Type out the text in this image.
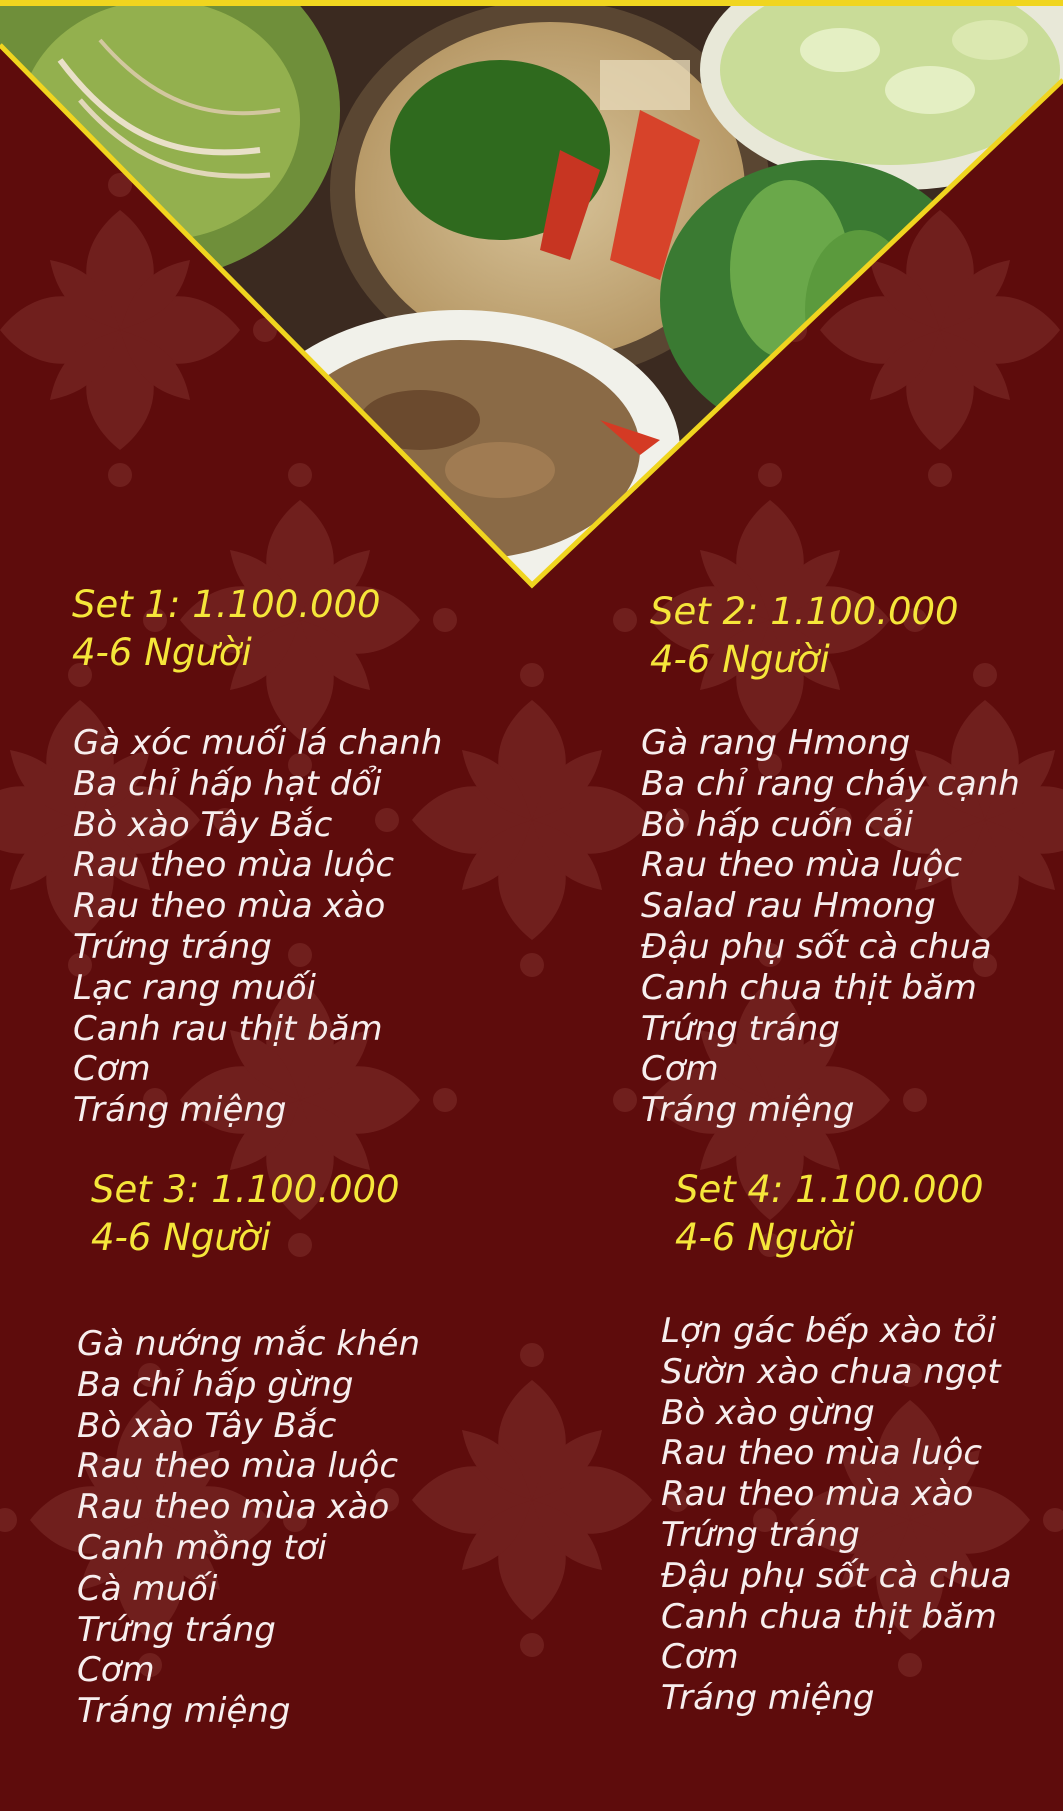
Set 1: 1.100.000
4-6 Người
Gà xóc muối lá chanh
Ba chỉ hấp hạt dổi
Bò xào Tây Bắc
Rau theo mùa luộc
Rau theo mùa xào
Trứng tráng
Lạc rang muối
Canh rau thịt băm
Cơm
Tráng miệng
Set 2: 1.100.000
4-6 Người
Gà rang Hmong
Ba chỉ rang cháy cạnh
Bò hấp cuốn cải
Rau theo mùa luộc
Salad rau Hmong
Đậu phụ sốt cà chua
Canh chua thịt băm
Trứng tráng
Cơm
Tráng miệng
Set 3: 1.100.000
4-6 Người
Gà nướng mắc khén
Ba chỉ hấp gừng
Bò xào Tây Bắc
Rau theo mùa luộc
Rau theo mùa xào
Canh mồng tơi
Cà muối
Trứng tráng
Cơm
Tráng miệng
Set 4: 1.100.000
4-6 Người
Lợn gác bếp xào tỏi
Sườn xào chua ngọt
Bò xào gừng
Rau theo mùa luộc
Rau theo mùa xào
Trứng tráng
Đậu phụ sốt cà chua
Canh chua thịt băm
Cơm
Tráng miệng
